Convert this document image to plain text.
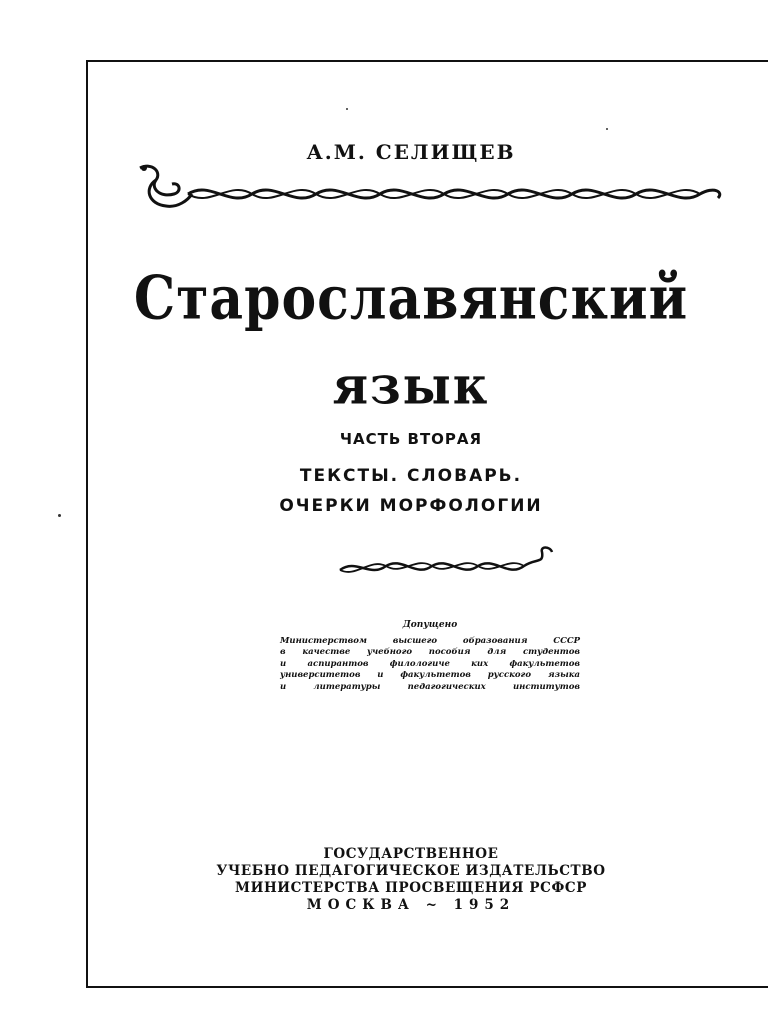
А.М. СЕЛИЩЕВ
Старославянский
язык
ЧАСТЬ ВТОРАЯ
ТЕКСТЫ. СЛОВАРЬ.
ОЧЕРКИ МОРФОЛОГИИ
Допущено
Министерством высшего образования СССР
в качестве учебного пособия для студентов
и аспирантов филологиче ких факультетов
университетов и факультетов русского языка
и литературы педагогических институтов
ГОСУДАРСТВЕННОЕ
УЧЕБНО ПЕДАГОГИЧЕСКОЕ ИЗДАТЕЛЬСТВО
МИНИСТЕРСТВА ПРОСВЕЩЕНИЯ РСФСР
МОСКВА ~ 1952
